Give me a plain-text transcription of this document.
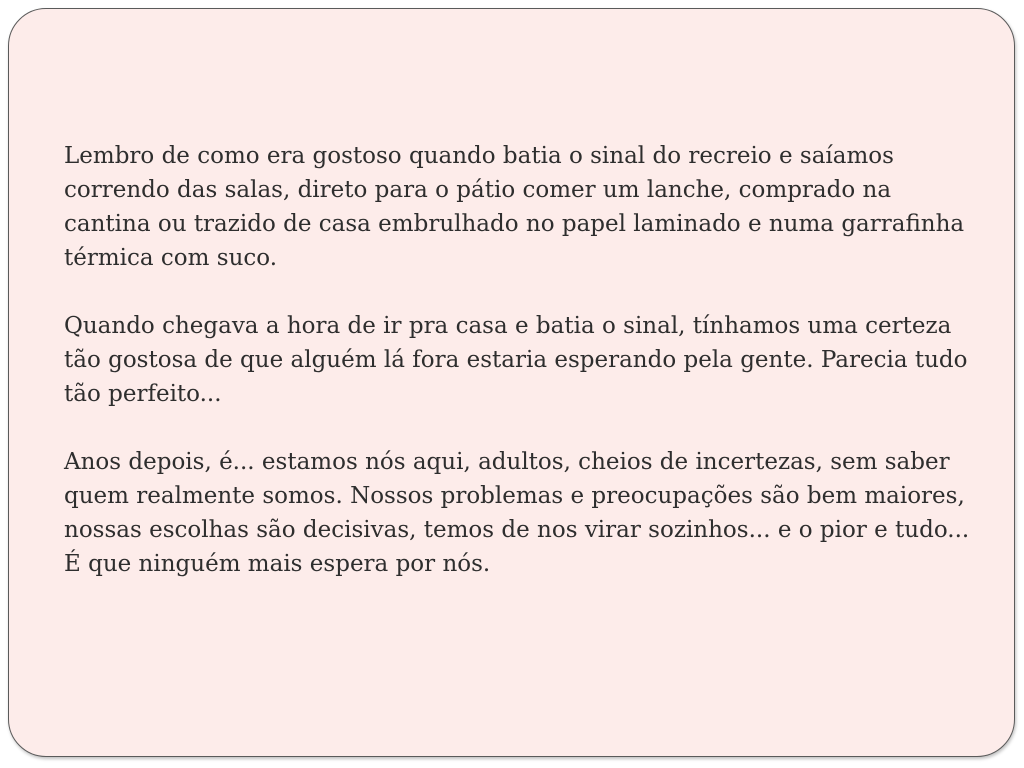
Lembro de como era gostoso quando batia o sinal do recreio e saíamos correndo das salas, direto para o pátio comer um lanche, comprado na cantina ou trazido de casa embrulhado no papel laminado e numa garrafinha térmica com suco.

Quando chegava a hora de ir pra casa e batia o sinal, tínhamos uma certeza tão gostosa de que alguém lá fora estaria esperando pela gente. Parecia tudo tão perfeito...

Anos depois, é... estamos nós aqui, adultos, cheios de incertezas, sem saber quem realmente somos. Nossos problemas e preocupações são bem maiores, nossas escolhas são decisivas, temos de nos virar sozinhos... e o pior e tudo... É que ninguém mais espera por nós.
